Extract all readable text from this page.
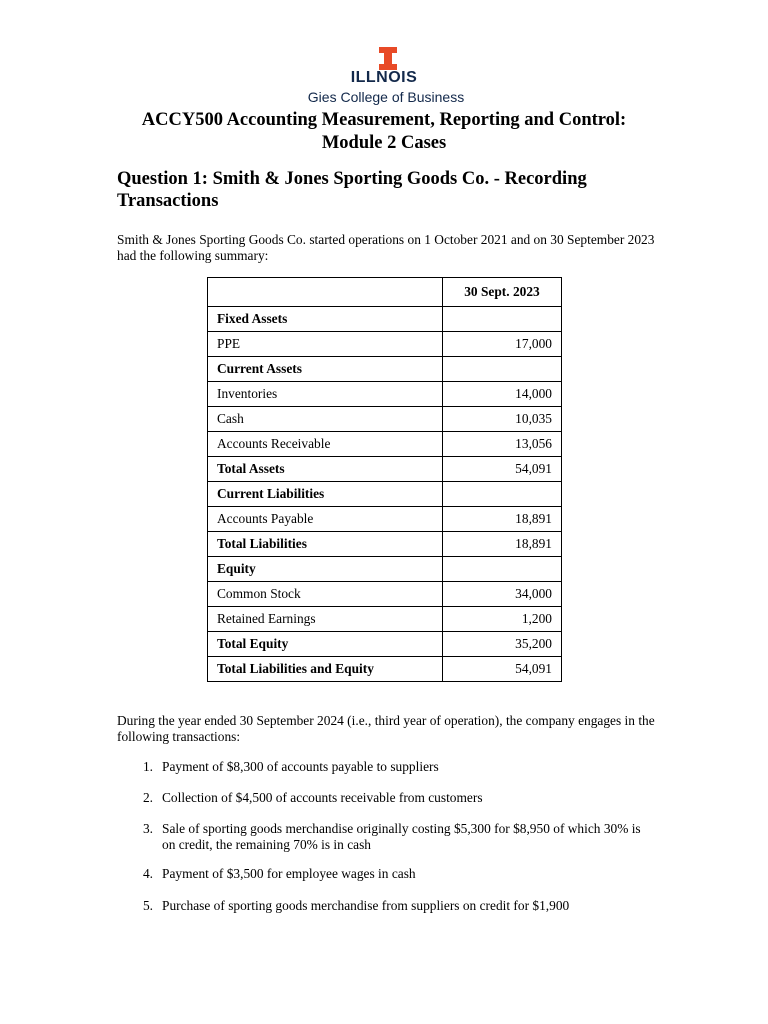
ILLNOIS
Gies College of Business
ACCY500 Accounting Measurement, Reporting and Control:
Module 2 Cases
Question 1: Smith & Jones Sporting Goods Co. - Recording Transactions

Smith & Jones Sporting Goods Co. started operations on 1 October 2021 and on 30 September 2023 had the following summary:

	30 Sept. 2023
Fixed Assets	
PPE	17,000
Current Assets	
Inventories	14,000
Cash	10,035
Accounts Receivable	13,056
Total Assets	54,091
Current Liabilities	
Accounts Payable	18,891
Total Liabilities	18,891
Equity	
Common Stock	34,000
Retained Earnings	1,200
Total Equity	35,200
Total Liabilities and Equity	54,091

During the year ended 30 September 2024 (i.e., third year of operation), the company engages in the following transactions:

1. Payment of $8,300 of accounts payable to suppliers
2. Collection of $4,500 of accounts receivable from customers
3. Sale of sporting goods merchandise originally costing $5,300 for $8,950 of which 30% is on credit, the remaining 70% is in cash
4. Payment of $3,500 for employee wages in cash
5. Purchase of sporting goods merchandise from suppliers on credit for $1,900
